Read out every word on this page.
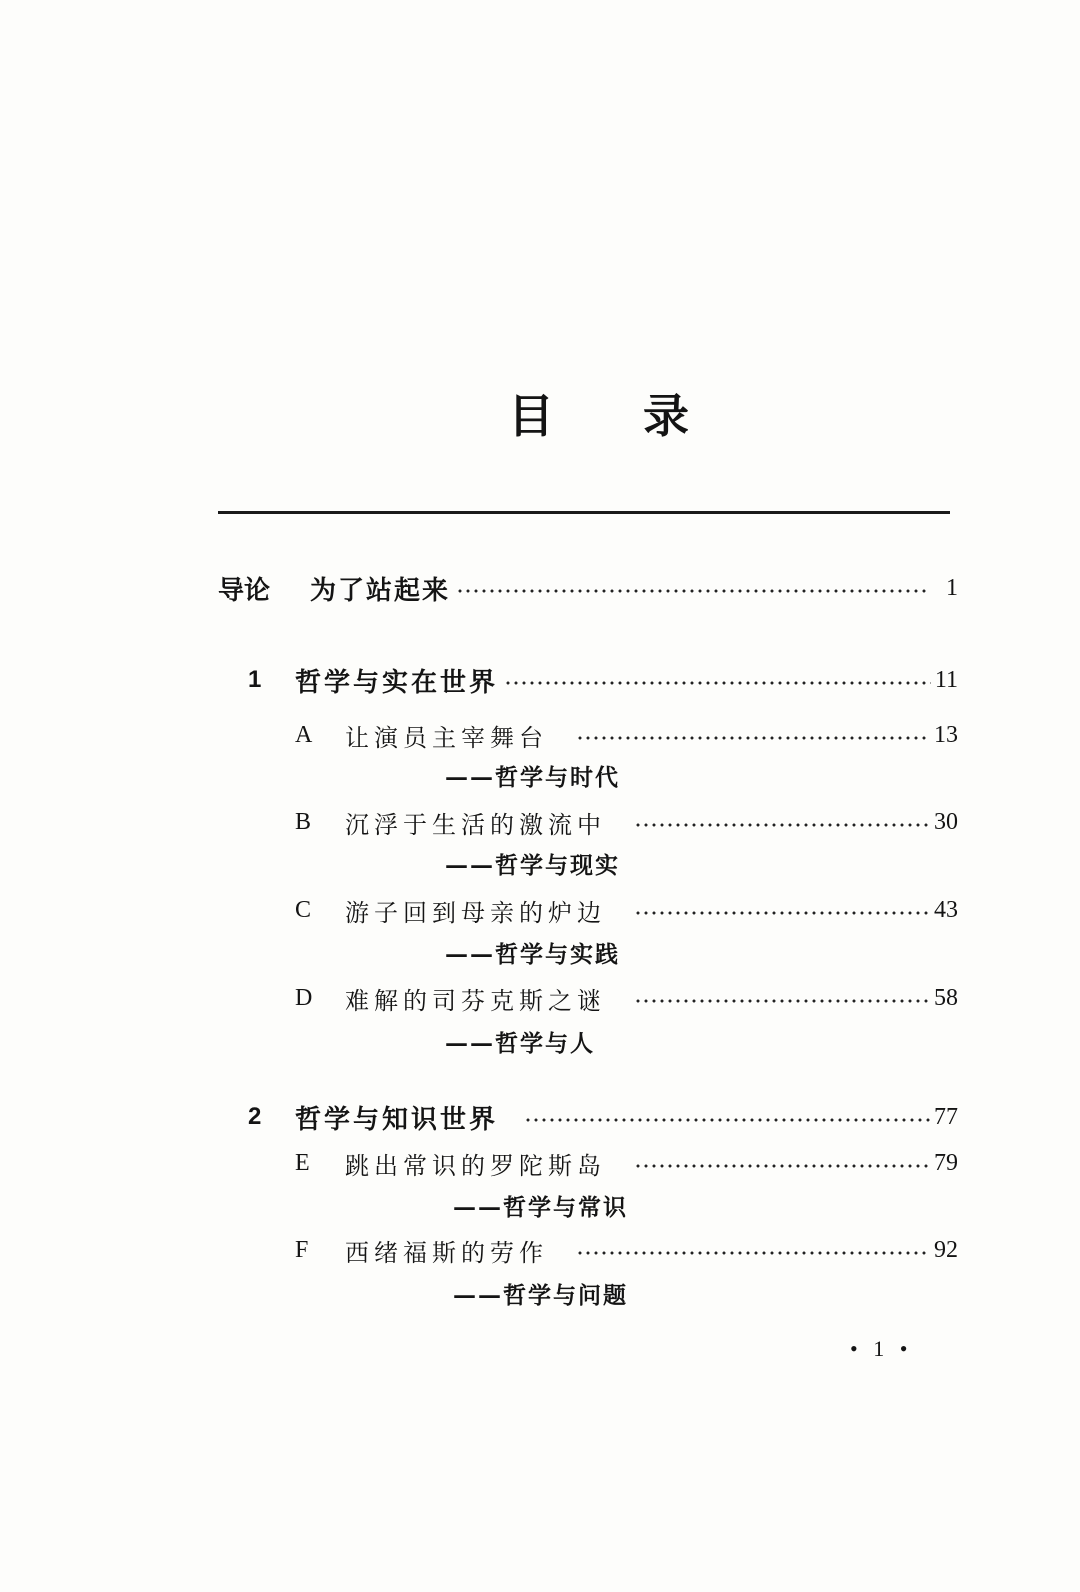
目 录
导论	为了站起来	1
1	哲学与实在世界	11
A	让演员主宰舞台	13
——哲学与时代
B	沉浮于生活的激流中	30
——哲学与现实
C	游子回到母亲的炉边	43
——哲学与实践
D	难解的司芬克斯之谜	58
——哲学与人
2	哲学与知识世界	77
E	跳出常识的罗陀斯岛	79
——哲学与常识
F	西绪福斯的劳作	92
——哲学与问题
• 1 •
